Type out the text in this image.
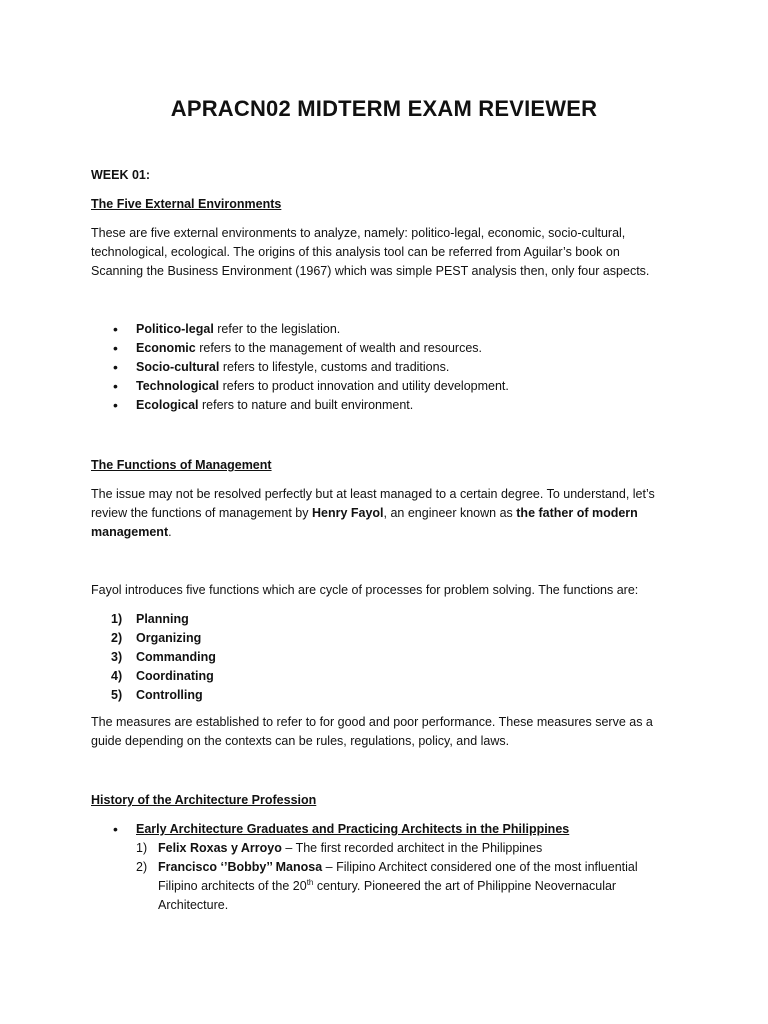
APRACN02 MIDTERM EXAM REVIEWER
WEEK 01:
The Five External Environments
These are five external environments to analyze, namely: politico-legal, economic, socio-cultural, technological, ecological. The origins of this analysis tool can be referred from Aguilar’s book on Scanning the Business Environment (1967) which was simple PEST analysis then, only four aspects.
• Politico-legal refer to the legislation.
• Economic refers to the management of wealth and resources.
• Socio-cultural refers to lifestyle, customs and traditions.
• Technological refers to product innovation and utility development.
• Ecological refers to nature and built environment.
The Functions of Management
The issue may not be resolved perfectly but at least managed to a certain degree. To understand, let’s review the functions of management by Henry Fayol, an engineer known as the father of modern management.
Fayol introduces five functions which are cycle of processes for problem solving. The functions are:
1) Planning
2) Organizing
3) Commanding
4) Coordinating
5) Controlling
The measures are established to refer to for good and poor performance. These measures serve as a guide depending on the contexts can be rules, regulations, policy, and laws.
History of the Architecture Profession
• Early Architecture Graduates and Practicing Architects in the Philippines
1) Felix Roxas y Arroyo – The first recorded architect in the Philippines
2) Francisco ‘’Bobby’’ Manosa – Filipino Architect considered one of the most influential Filipino architects of the 20th century. Pioneered the art of Philippine Neovernacular Architecture.
